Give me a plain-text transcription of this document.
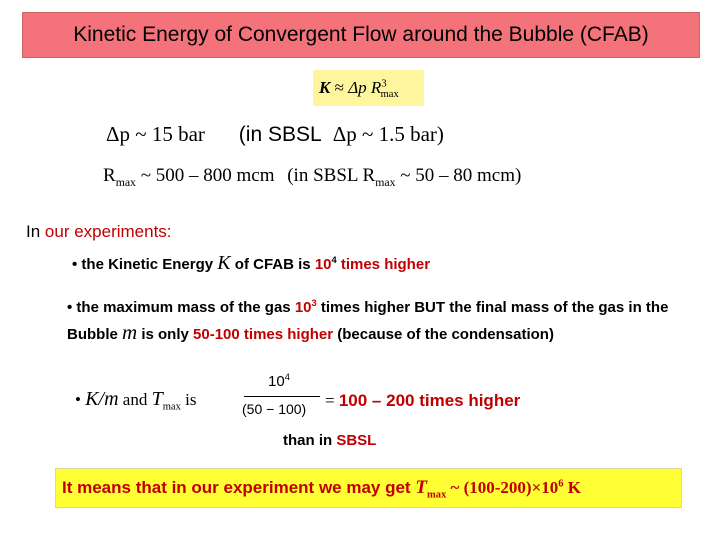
Kinetic Energy of Convergent Flow around the Bubble (CFAB)
K ≈ Δp $R^3_{max}$
Δp ~ 15 bar (in SBSL Δp ~ 1.5 bar)
$R_{max}$ ~ 500 – 800 mcm (in SBSL $R_{max}$ ~ 50 – 80 mcm)
In our experiments:
• the Kinetic Energy K of CFAB is $10^4$ times higher
• the maximum mass of the gas $10^3$ times higher BUT the final mass of the gas in the Bubble m is only 50-100 times higher (because of the condensation)
• K/m and $T_{max}$ is
$10^4$
(50 − 100) = 100 – 200 times higher
than in SBSL
It means that in our experiment we may get $T_{max}$ ~ $(100-200)\times 10^6$ K
